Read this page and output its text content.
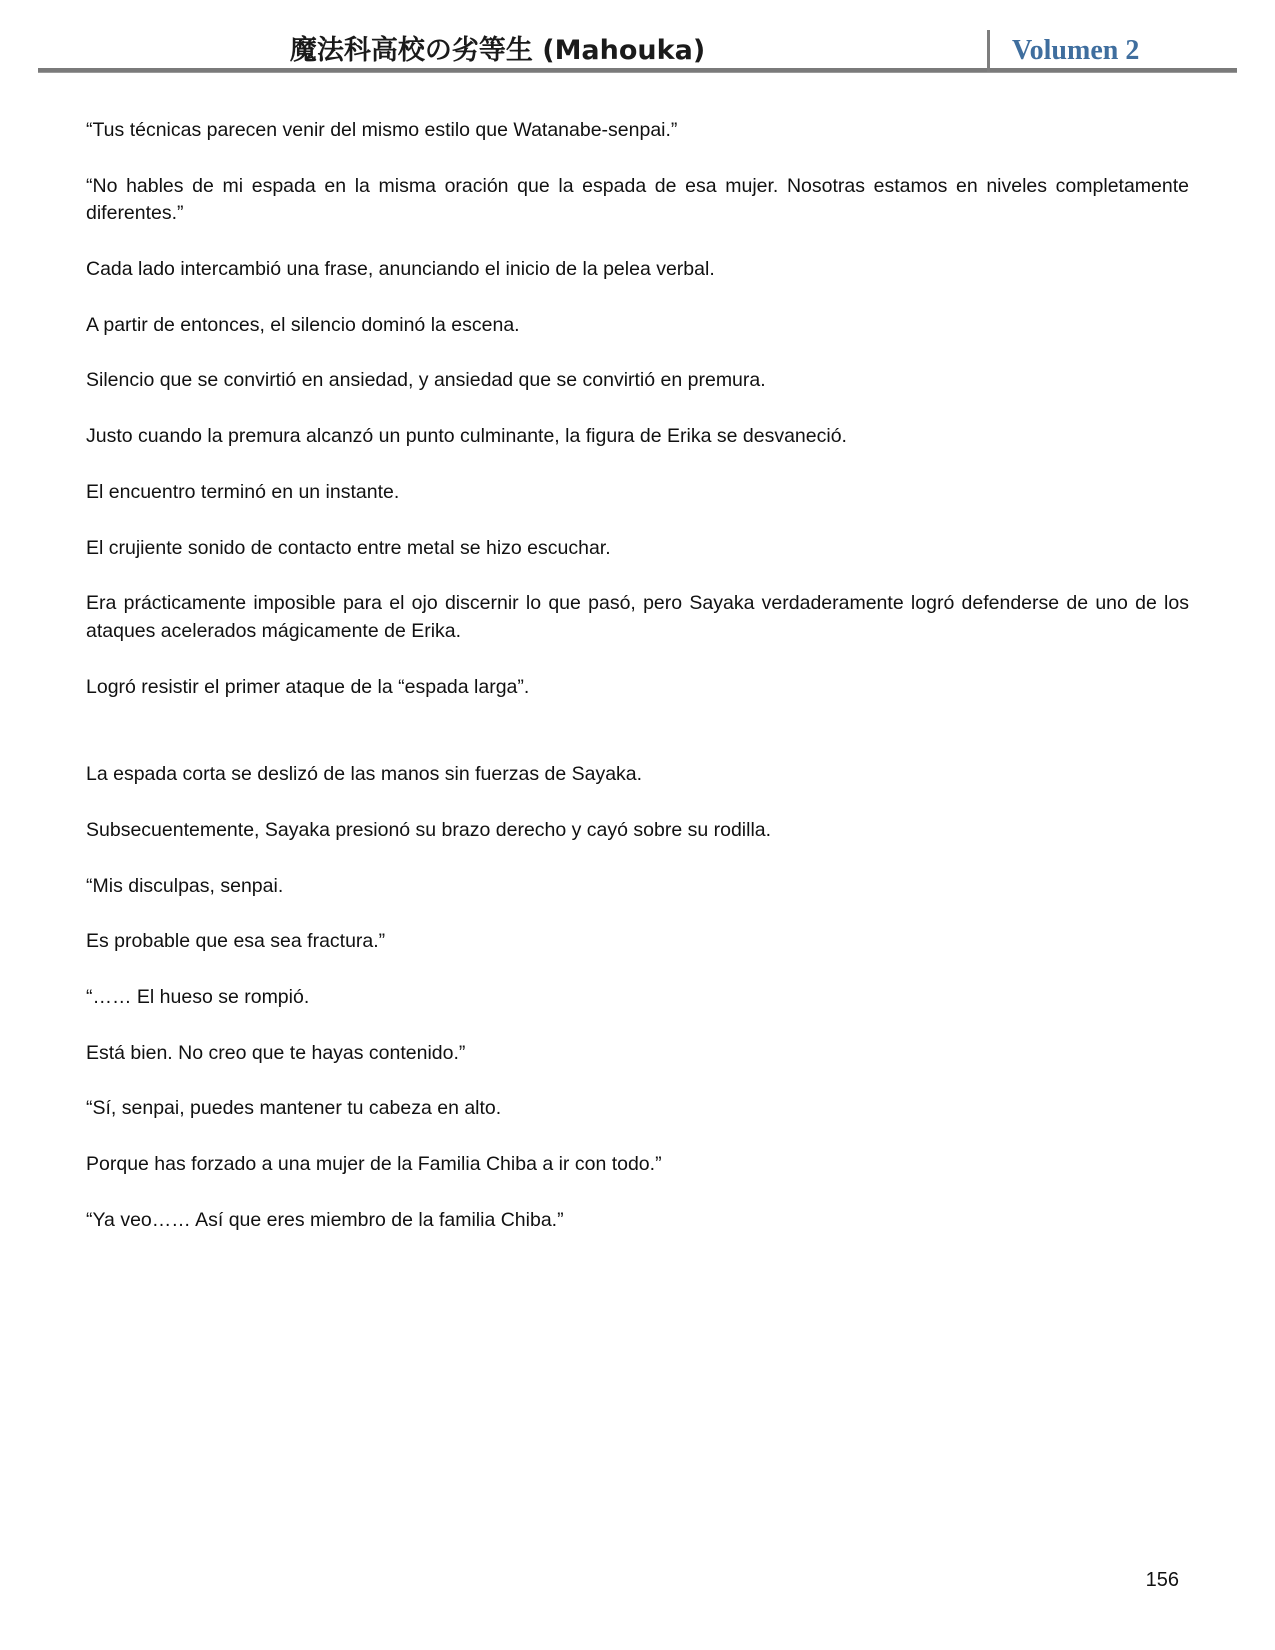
魔法科高校の劣等生 (Mahouka)	Volumen 2

“Tus técnicas parecen venir del mismo estilo que Watanabe-senpai.”

“No hables de mi espada en la misma oración que la espada de esa mujer. Nosotras estamos en niveles completamente diferentes.”

Cada lado intercambió una frase, anunciando el inicio de la pelea verbal.

A partir de entonces, el silencio dominó la escena.

Silencio que se convirtió en ansiedad, y ansiedad que se convirtió en premura.

Justo cuando la premura alcanzó un punto culminante, la figura de Erika se desvaneció.

El encuentro terminó en un instante.

El crujiente sonido de contacto entre metal se hizo escuchar.

Era prácticamente imposible para el ojo discernir lo que pasó, pero Sayaka verdaderamente logró defenderse de uno de los ataques acelerados mágicamente de Erika.

Logró resistir el primer ataque de la “espada larga”.

La espada corta se deslizó de las manos sin fuerzas de Sayaka.

Subsecuentemente, Sayaka presionó su brazo derecho y cayó sobre su rodilla.

“Mis disculpas, senpai.

Es probable que esa sea fractura.”

“…… El hueso se rompió.

Está bien. No creo que te hayas contenido.”

“Sí, senpai, puedes mantener tu cabeza en alto.

Porque has forzado a una mujer de la Familia Chiba a ir con todo.”

“Ya veo…… Así que eres miembro de la familia Chiba.”

156
